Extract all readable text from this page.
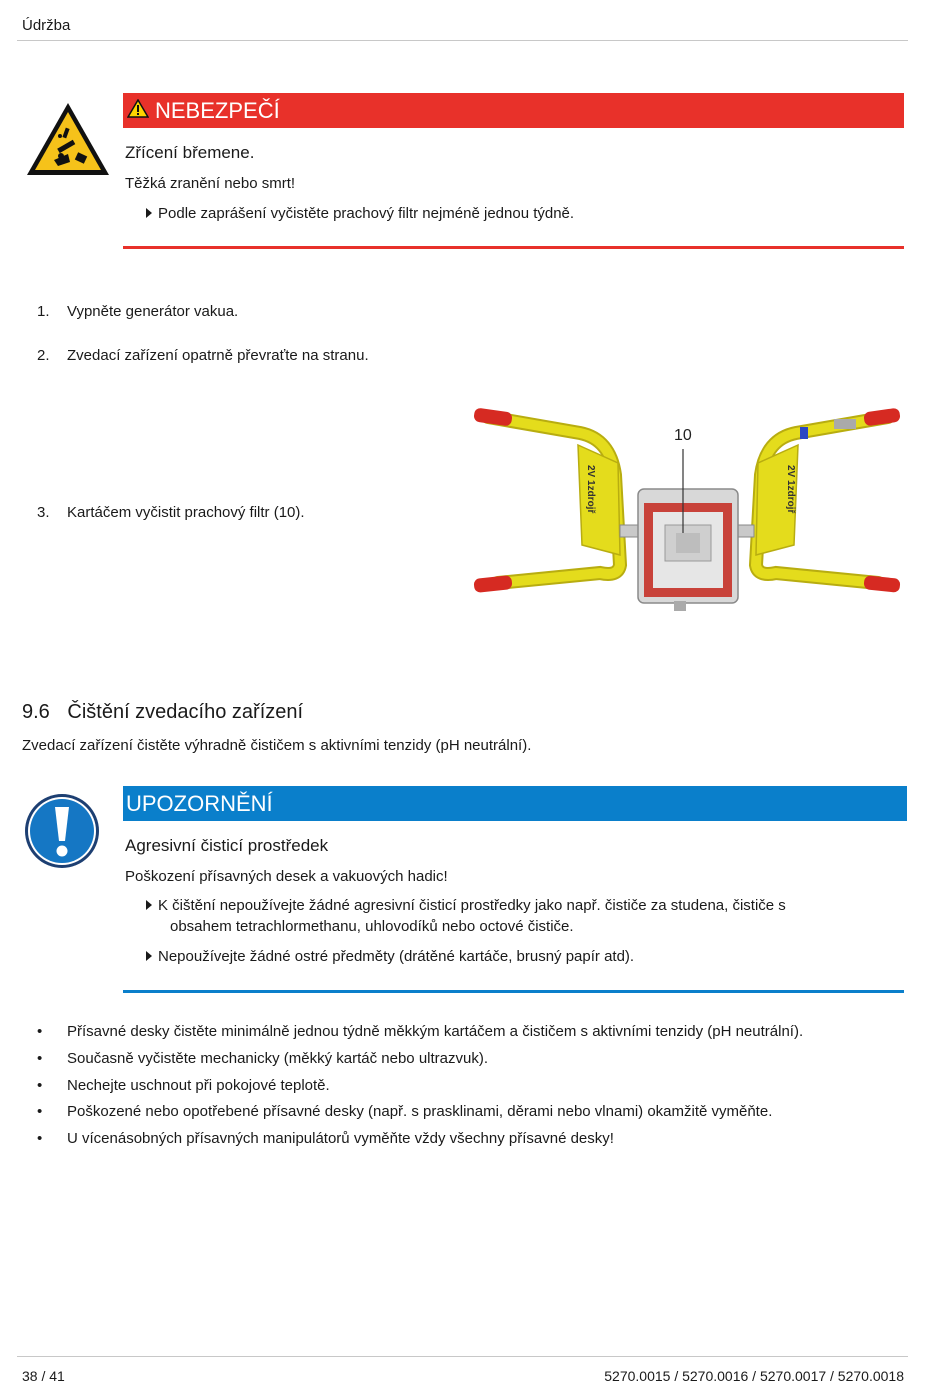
Údržba
NEBEZPEČÍ
Zřícení břemene.
Těžká zranění nebo smrt!
Podle zaprášení vyčistěte prachový filtr nejméně jednou týdně.
1. Vypněte generátor vakua.
2. Zvedací zařízení opatrně převraťte na stranu.
3. Kartáčem vyčistit prachový filtr (10).
10
2V 1zdrojř	2V 1zdrojř
9.6 Čištění zvedacího zařízení
Zvedací zařízení čistěte výhradně čističem s aktivními tenzidy (pH neutrální).
UPOZORNĚNÍ
Agresivní čisticí prostředek
Poškození přísavných desek a vakuových hadic!
K čištění nepoužívejte žádné agresivní čisticí prostředky jako např. čističe za studena, čističe s
obsahem tetrachlormethanu, uhlovodíků nebo octové čističe.
Nepoužívejte žádné ostré předměty (drátěné kartáče, brusný papír atd).
• Přísavné desky čistěte minimálně jednou týdně měkkým kartáčem a čističem s aktivními tenzidy (pH neutrální).
• Současně vyčistěte mechanicky (měkký kartáč nebo ultrazvuk).
• Nechejte uschnout při pokojové teplotě.
• Poškozené nebo opotřebené přísavné desky (např. s prasklinami, děrami nebo vlnami) okamžitě vyměňte.
• U vícenásobných přísavných manipulátorů vyměňte vždy všechny přísavné desky!
38 / 41	5270.0015 / 5270.0016 / 5270.0017 / 5270.0018
